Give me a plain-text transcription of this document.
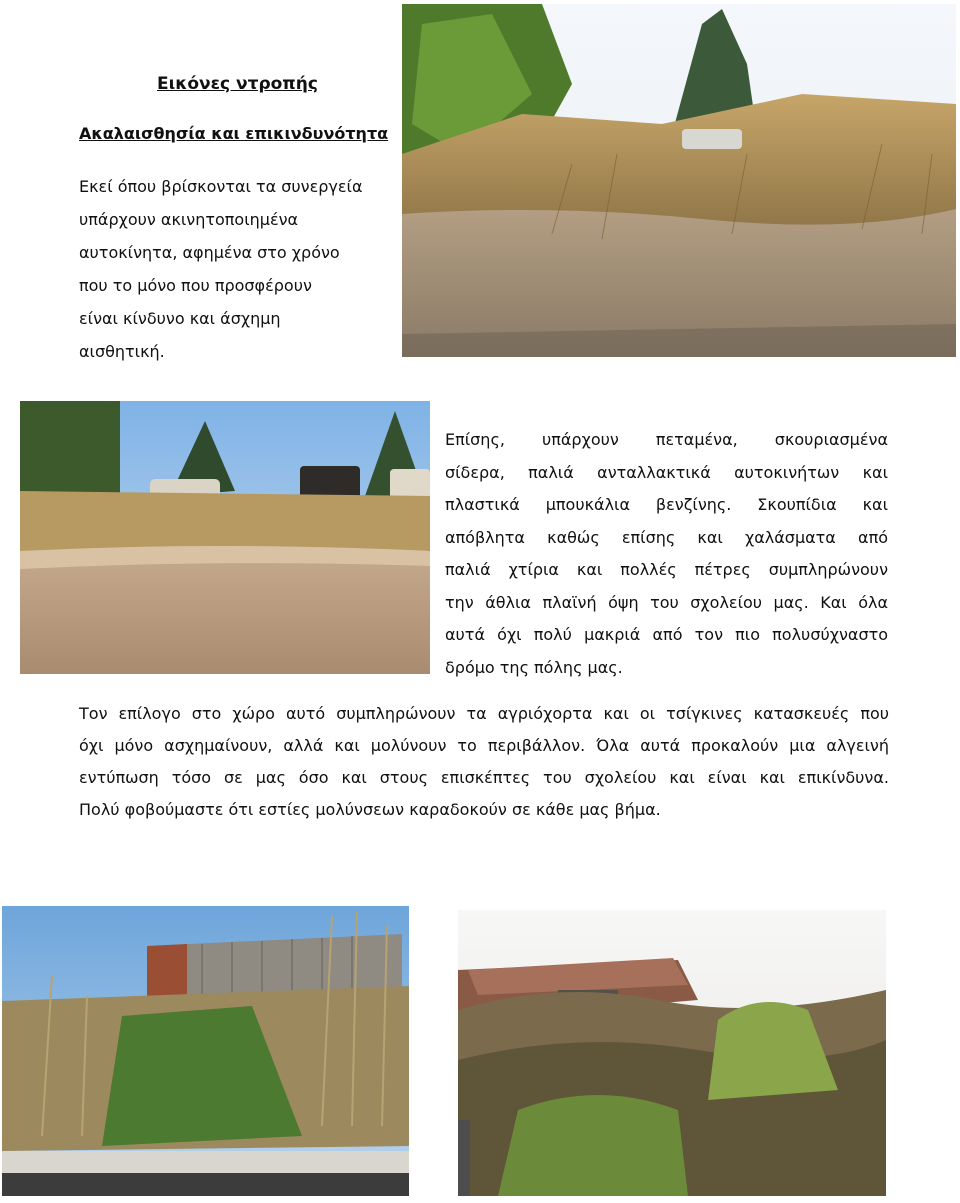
Εικόνες ντροπής
Ακαλαισθησία και επικινδυνότητα
Εκεί όπου βρίσκονται τα συνεργεία
υπάρχουν ακινητοποιημένα
αυτοκίνητα, αφημένα στο χρόνο
που το μόνο που προσφέρουν
είναι κίνδυνο και άσχημη
αισθητική.
Επίσης, υπάρχουν πεταμένα, σκουριασμένα
σίδερα, παλιά ανταλλακτικά αυτοκινήτων και
πλαστικά μπουκάλια βενζίνης. Σκουπίδια και
απόβλητα καθώς επίσης και χαλάσματα από
παλιά χτίρια και πολλές πέτρες συμπληρώνουν
την άθλια πλαϊνή όψη του σχολείου μας. Και όλα
αυτά όχι πολύ μακριά από τον πιο πολυσύχναστο
δρόμο της πόλης μας.
Τον επίλογο στο χώρο αυτό συμπληρώνουν τα αγριόχορτα και οι τσίγκινες κατασκευές που
όχι μόνο ασχημαίνουν, αλλά και μολύνουν το περιβάλλον. Όλα αυτά προκαλούν μια αλγεινή
εντύπωση τόσο σε μας όσο και στους επισκέπτες του σχολείου και είναι και επικίνδυνα.
Πολύ φοβούμαστε ότι εστίες μολύνσεων καραδοκούν σε κάθε μας βήμα.
